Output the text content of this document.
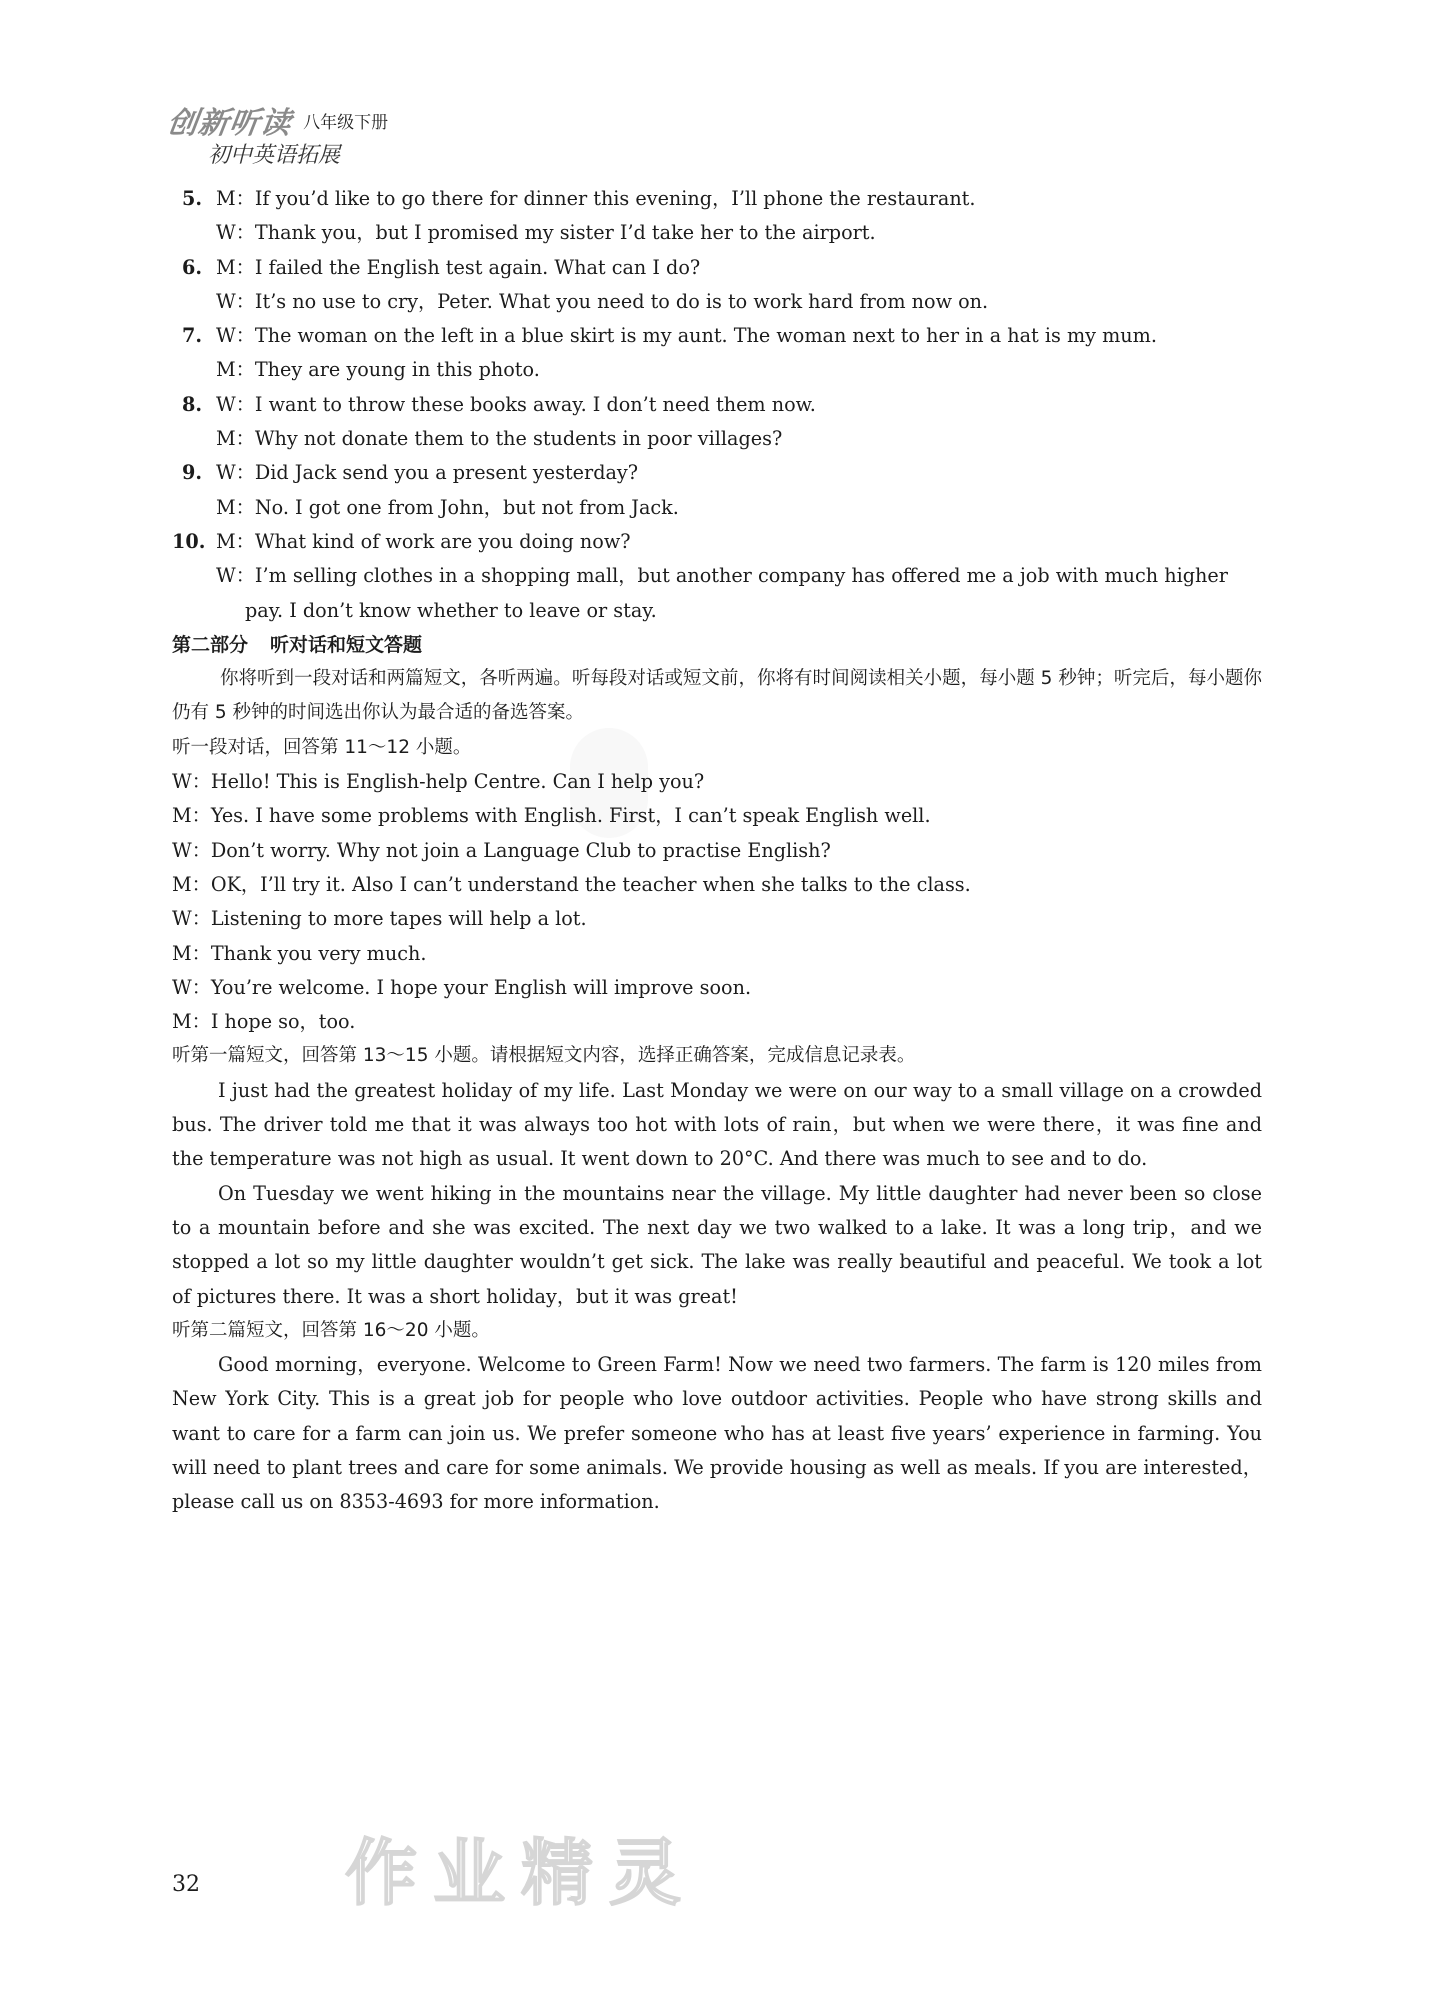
创新听读 八年级下册
初中英语拓展
5. M：If you’d like to go there for dinner this evening，I’ll phone the restaurant.
W：Thank you，but I promised my sister I’d take her to the airport.
6. M：I failed the English test again. What can I do?
W：It’s no use to cry，Peter. What you need to do is to work hard from now on.
7. W：The woman on the left in a blue skirt is my aunt. The woman next to her in a hat is my mum.
M：They are young in this photo.
8. W：I want to throw these books away. I don’t need them now.
M：Why not donate them to the students in poor villages?
9. W：Did Jack send you a present yesterday?
M：No. I got one from John，but not from Jack.
10. M：What kind of work are you doing now?
W：I’m selling clothes in a shopping mall，but another company has offered me a job with much higher
pay. I don’t know whether to leave or stay.
第二部分 听对话和短文答题
你将听到一段对话和两篇短文，各听两遍。听每段对话或短文前，你将有时间阅读相关小题，每小题 5 秒钟；听完后，每小题你仍有 5 秒钟的时间选出你认为最合适的备选答案。
听一段对话，回答第 11～12 小题。
W：Hello! This is English-help Centre. Can I help you?
M：Yes. I have some problems with English. First，I can’t speak English well.
W：Don’t worry. Why not join a Language Club to practise English?
M：OK，I’ll try it. Also I can’t understand the teacher when she talks to the class.
W：Listening to more tapes will help a lot.
M：Thank you very much.
W：You’re welcome. I hope your English will improve soon.
M：I hope so，too.
听第一篇短文，回答第 13～15 小题。请根据短文内容，选择正确答案，完成信息记录表。
I just had the greatest holiday of my life. Last Monday we were on our way to a small village on a crowded bus. The driver told me that it was always too hot with lots of rain，but when we were there，it was fine and the temperature was not high as usual. It went down to 20°C. And there was much to see and to do.
On Tuesday we went hiking in the mountains near the village. My little daughter had never been so close to a mountain before and she was excited. The next day we two walked to a lake. It was a long trip，and we stopped a lot so my little daughter wouldn’t get sick. The lake was really beautiful and peaceful. We took a lot of pictures there. It was a short holiday，but it was great!
听第二篇短文，回答第 16～20 小题。
Good morning，everyone. Welcome to Green Farm! Now we need two farmers. The farm is 120 miles from New York City. This is a great job for people who love outdoor activities. People who have strong skills and want to care for a farm can join us. We prefer someone who has at least five years’ experience in farming. You will need to plant trees and care for some animals. We provide housing as well as meals. If you are interested，please call us on 8353-4693 for more information.
作业精灵
32
